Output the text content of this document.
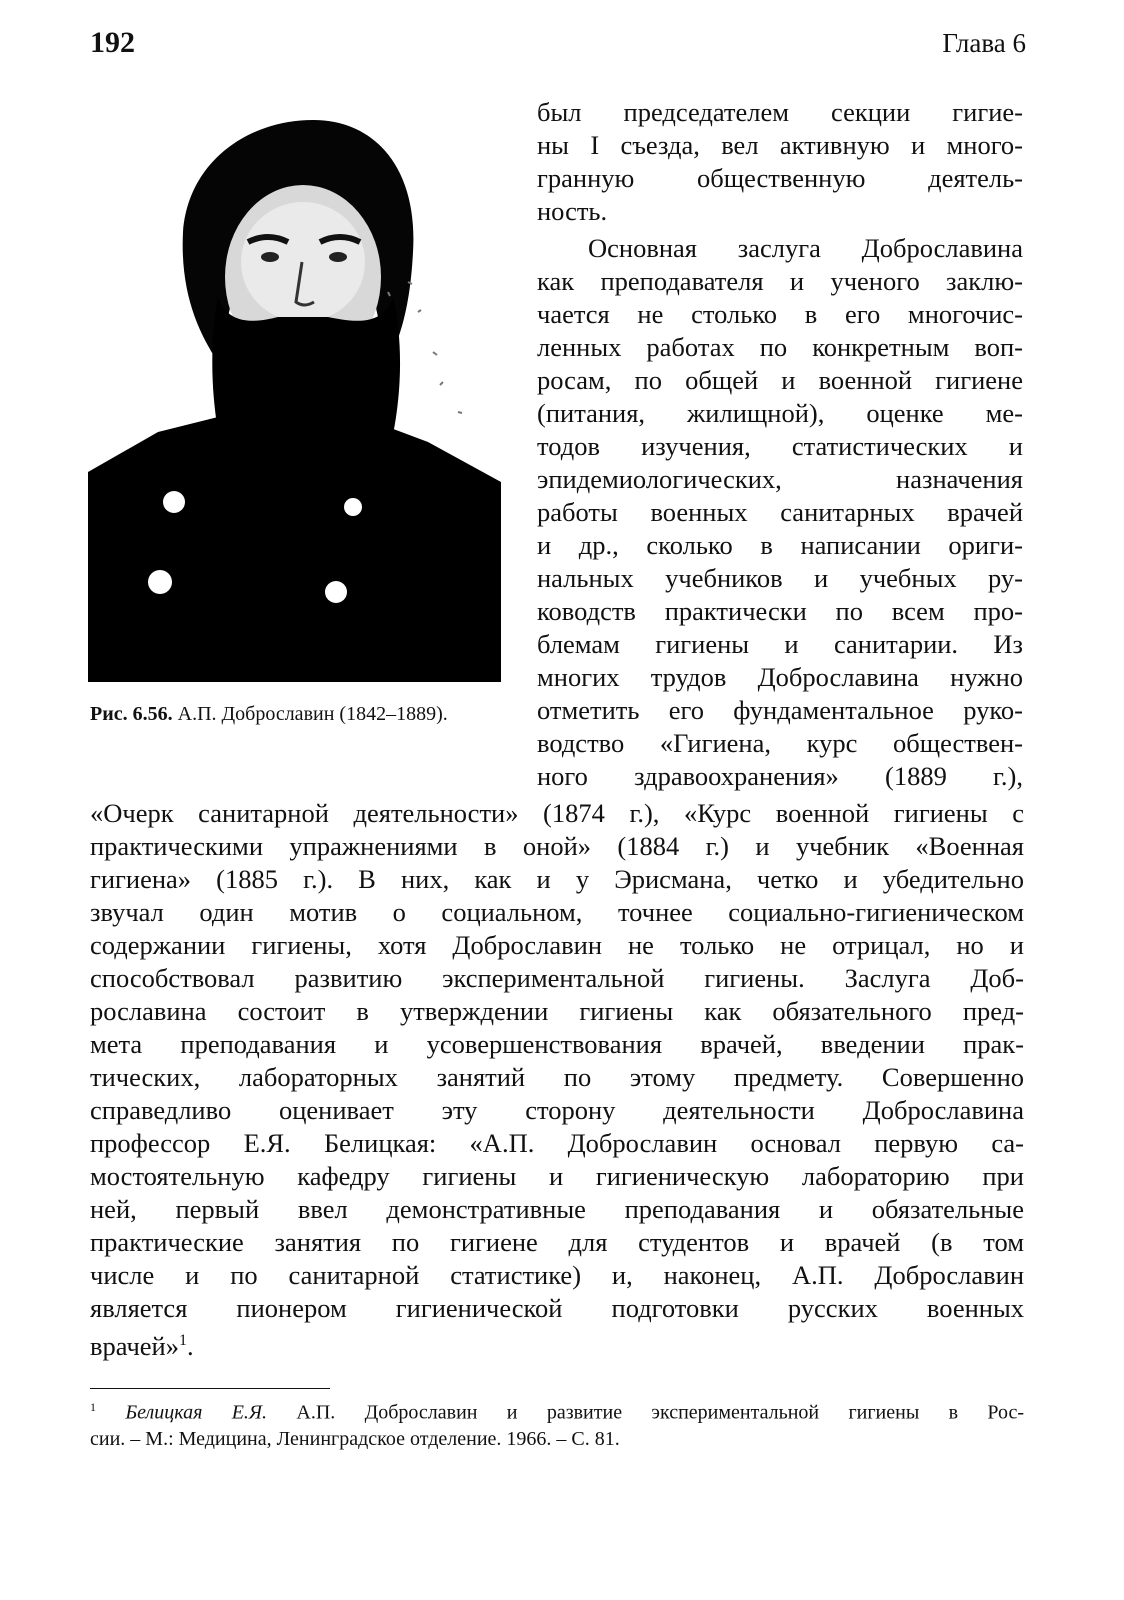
192	Глава 6
Рис. 6.56. А.П. Доброславин (1842–1889).
был председателем секции гигие-
ны I съезда, вел активную и много-
гранную общественную деятель-
ность.
Основная заслуга Доброславина
как преподавателя и ученого заклю-
чается не столько в его многочис-
ленных работах по конкретным воп-
росам, по общей и военной гигиене
(питания, жилищной), оценке ме-
тодов изучения, статистических и
эпидемиологических, назначения
работы военных санитарных врачей
и др., сколько в написании ориги-
нальных учебников и учебных ру-
ководств практически по всем про-
блемам гигиены и санитарии. Из
многих трудов Доброславина нужно
отметить его фундаментальное руко-
водство «Гигиена, курс обществен-
ного здравоохранения» (1889 г.),
«Очерк санитарной деятельности» (1874 г.), «Курс военной гигиены с
практическими упражнениями в оной» (1884 г.) и учебник «Военная
гигиена» (1885 г.). В них, как и у Эрисмана, четко и убедительно
звучал один мотив о социальном, точнее социально-гигиеническом
содержании гигиены, хотя Доброславин не только не отрицал, но и
способствовал развитию экспериментальной гигиены. Заслуга Доб-
рославина состоит в утверждении гигиены как обязательного пред-
мета преподавания и усовершенствования врачей, введении прак-
тических, лабораторных занятий по этому предмету. Совершенно
справедливо оценивает эту сторону деятельности Доброславина
профессор Е.Я. Белицкая: «А.П. Доброславин основал первую са-
мостоятельную кафедру гигиены и гигиеническую лабораторию при
ней, первый ввел демонстративные преподавания и обязательные
практические занятия по гигиене для студентов и врачей (в том
числе и по санитарной статистике) и, наконец, А.П. Доброславин
является пионером гигиенической подготовки русских военных
врачей»$^1$.
$^1$ Белицкая Е.Я. А.П. Доброславин и развитие экспериментальной гигиены в Рос-
сии. – М.: Медицина, Ленинградское отделение. 1966. – С. 81.
